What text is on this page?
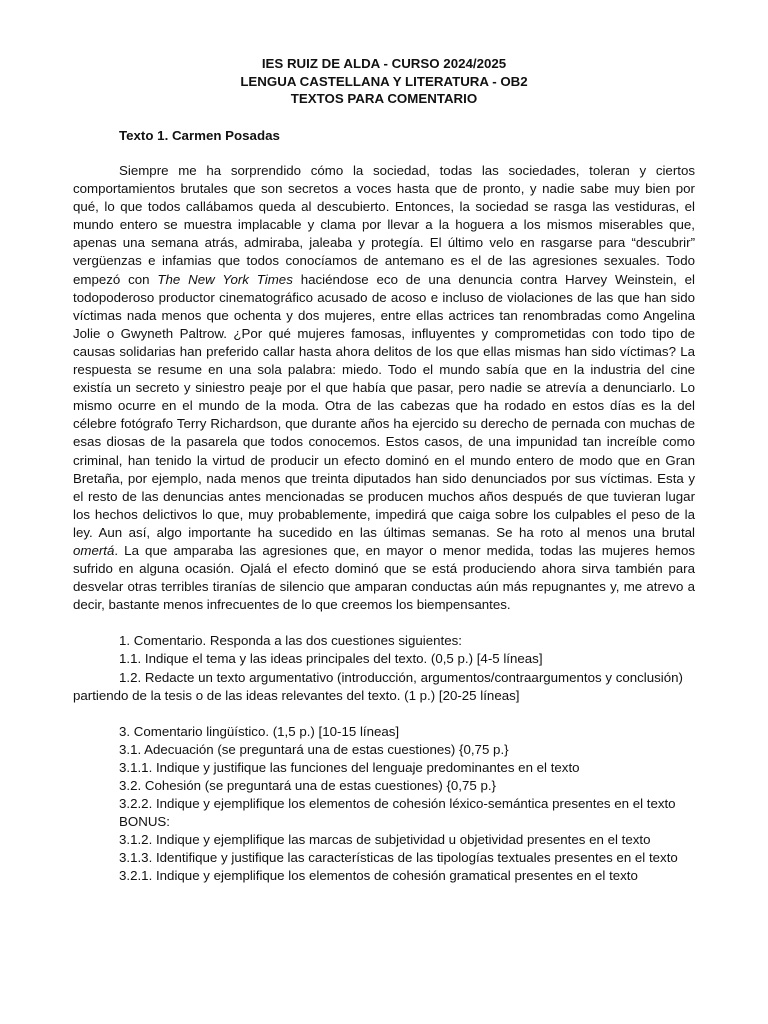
IES RUIZ DE ALDA - CURSO 2024/2025
LENGUA CASTELLANA Y LITERATURA - OB2
TEXTOS PARA COMENTARIO
Texto 1. Carmen Posadas

Siempre me ha sorprendido cómo la sociedad, todas las sociedades, toleran y ciertos comportamientos brutales que son secretos a voces hasta que de pronto, y nadie sabe muy bien por qué, lo que todos callábamos queda al descubierto. Entonces, la sociedad se rasga las vestiduras, el mundo entero se muestra implacable y clama por llevar a la hoguera a los mismos miserables que, apenas una semana atrás, admiraba, jaleaba y protegía. El último velo en rasgarse para “descubrir” vergüenzas e infamias que todos conocíamos de antemano es el de las agresiones sexuales. Todo empezó con The New York Times haciéndose eco de una denuncia contra Harvey Weinstein, el todopoderoso productor cinematográfico acusado de acoso e incluso de violaciones de las que han sido víctimas nada menos que ochenta y dos mujeres, entre ellas actrices tan renombradas como Angelina Jolie o Gwyneth Paltrow. ¿Por qué mujeres famosas, influyentes y comprometidas con todo tipo de causas solidarias han preferido callar hasta ahora delitos de los que ellas mismas han sido víctimas? La respuesta se resume en una sola palabra: miedo. Todo el mundo sabía que en la industria del cine existía un secreto y siniestro peaje por el que había que pasar, pero nadie se atrevía a denunciarlo. Lo mismo ocurre en el mundo de la moda. Otra de las cabezas que ha rodado en estos días es la del célebre fotógrafo Terry Richardson, que durante años ha ejercido su derecho de pernada con muchas de esas diosas de la pasarela que todos conocemos. Estos casos, de una impunidad tan increíble como criminal, han tenido la virtud de producir un efecto dominó en el mundo entero de modo que en Gran Bretaña, por ejemplo, nada menos que treinta diputados han sido denunciados por sus víctimas. Esta y el resto de las denuncias antes mencionadas se producen muchos años después de que tuvieran lugar los hechos delictivos lo que, muy probablemente, impedirá que caiga sobre los culpables el peso de la ley. Aun así, algo importante ha sucedido en las últimas semanas. Se ha roto al menos una brutal omertá. La que amparaba las agresiones que, en mayor o menor medida, todas las mujeres hemos sufrido en alguna ocasión. Ojalá el efecto dominó que se está produciendo ahora sirva también para desvelar otras terribles tiranías de silencio que amparan conductas aún más repugnantes y, me atrevo a decir, bastante menos infrecuentes de lo que creemos los biempensantes.

1. Comentario. Responda a las dos cuestiones siguientes:

1.1. Indique el tema y las ideas principales del texto. (0,5 p.) [4-5 líneas]

1.2. Redacte un texto argumentativo (introducción, argumentos/contraargumentos y conclusión) partiendo de la tesis o de las ideas relevantes del texto. (1 p.) [20-25 líneas]

3. Comentario lingüístico. (1,5 p.) [10-15 líneas]

3.1. Adecuación (se preguntará una de estas cuestiones) {0,75 p.}

3.1.1. Indique y justifique las funciones del lenguaje predominantes en el texto

3.2. Cohesión (se preguntará una de estas cuestiones) {0,75 p.}

3.2.2. Indique y ejemplifique los elementos de cohesión léxico-semántica presentes en el texto

BONUS:

3.1.2. Indique y ejemplifique las marcas de subjetividad u objetividad presentes en el texto

3.1.3. Identifique y justifique las características de las tipologías textuales presentes en el texto

3.2.1. Indique y ejemplifique los elementos de cohesión gramatical presentes en el texto
